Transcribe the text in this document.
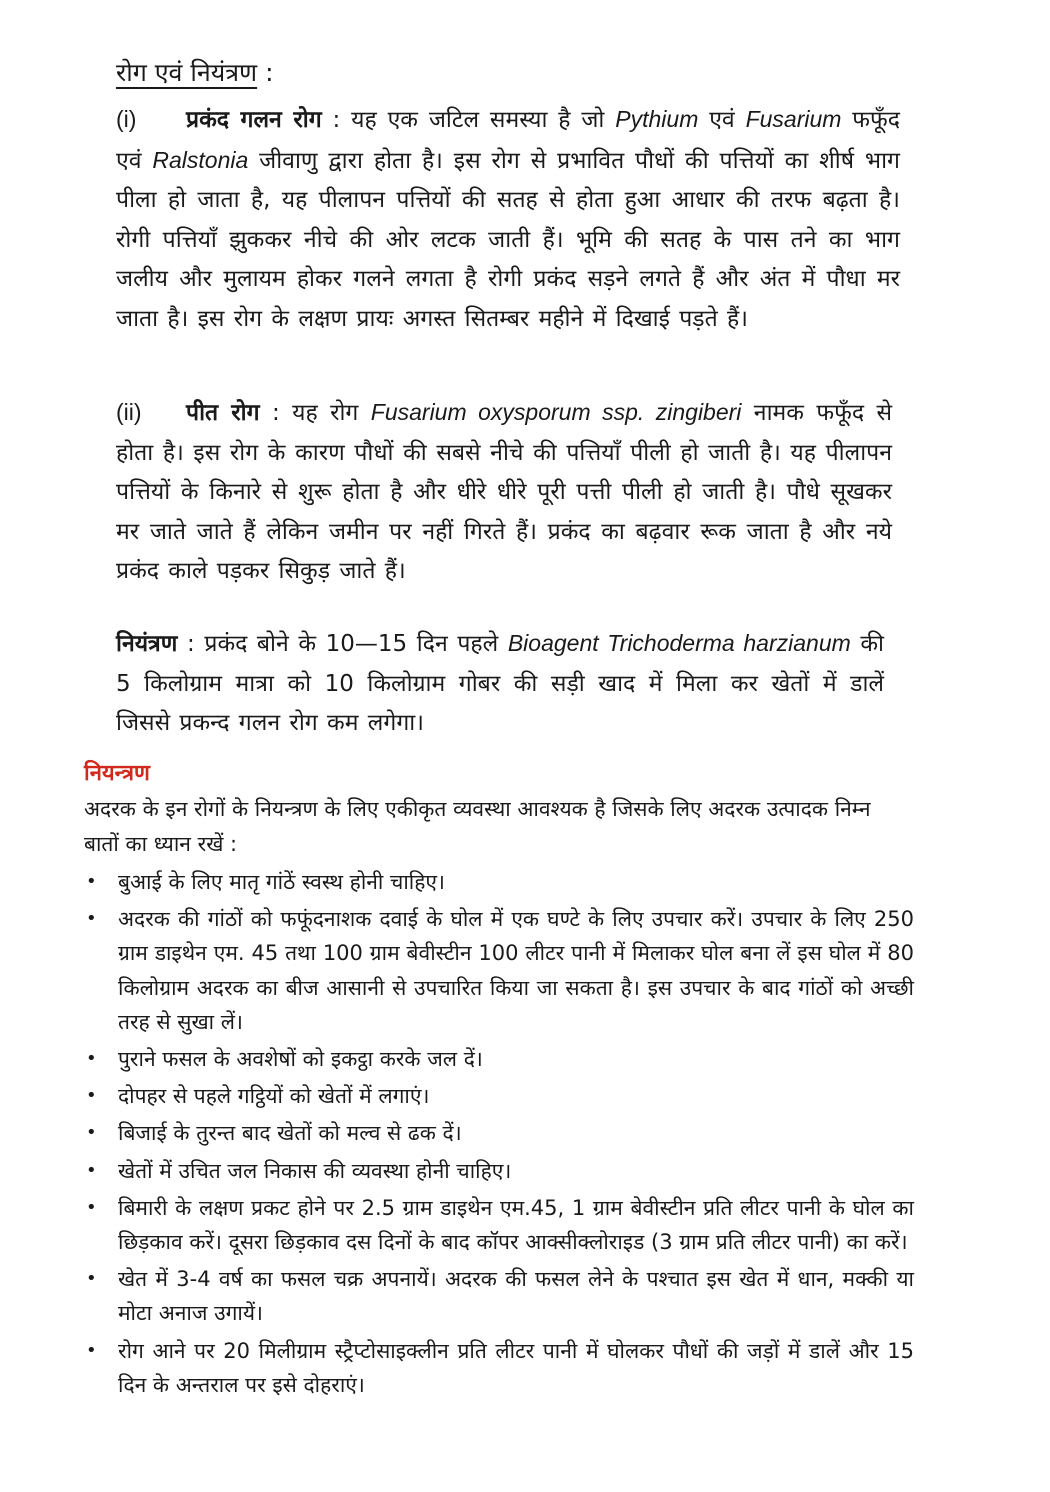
रोग एवं नियंत्रण :

(i) प्रकंद गलन रोग : यह एक जटिल समस्या है जो Pythium एवं Fusarium फफूँद एवं Ralstonia जीवाणु द्वारा होता है। इस रोग से प्रभावित पौधों की पत्तियों का शीर्ष भाग पीला हो जाता है, यह पीलापन पत्तियों की सतह से होता हुआ आधार की तरफ बढ़ता है। रोगी पत्तियाँ झुककर नीचे की ओर लटक जाती हैं। भूमि की सतह के पास तने का भाग जलीय और मुलायम होकर गलने लगता है रोगी प्रकंद सड़ने लगते हैं और अंत में पौधा मर जाता है। इस रोग के लक्षण प्रायः अगस्त सितम्बर महीने में दिखाई पड़ते हैं।

(ii) पीत रोग : यह रोग Fusarium oxysporum ssp. zingiberi नामक फफूँद से होता है। इस रोग के कारण पौधों की सबसे नीचे की पत्तियाँ पीली हो जाती है। यह पीलापन पत्तियों के किनारे से शुरू होता है और धीरे धीरे पूरी पत्ती पीली हो जाती है। पौधे सूखकर मर जाते जाते हैं लेकिन जमीन पर नहीं गिरते हैं। प्रकंद का बढ़वार रूक जाता है और नये प्रकंद काले पड़कर सिकुड़ जाते हैं।

नियंत्रण : प्रकंद बोने के 10—15 दिन पहले Bioagent Trichoderma harzianum की 5 किलोग्राम मात्रा को 10 किलोग्राम गोबर की सड़ी खाद में मिला कर खेतों में डालें जिससे प्रकन्द गलन रोग कम लगेगा।

नियन्त्रण

अदरक के इन रोगों के नियन्त्रण के लिए एकीकृत व्यवस्था आवश्यक है जिसके लिए अदरक उत्पादक निम्न बातों का ध्यान रखें :

• बुआई के लिए मातृ गांठें स्वस्थ होनी चाहिए।
• अदरक की गांठों को फफूंदनाशक दवाई के घोल में एक घण्टे के लिए उपचार करें। उपचार के लिए 250 ग्राम डाइथेन एम. 45 तथा 100 ग्राम बेवीस्टीन 100 लीटर पानी में मिलाकर घोल बना लें इस घोल में 80 किलोग्राम अदरक का बीज आसानी से उपचारित किया जा सकता है। इस उपचार के बाद गांठों को अच्छी तरह से सुखा लें।
• पुराने फसल के अवशेषों को इकट्ठा करके जल दें।
• दोपहर से पहले गट्ठियों को खेतों में लगाएं।
• बिजाई के तुरन्त बाद खेतों को मल्व से ढक दें।
• खेतों में उचित जल निकास की व्यवस्था होनी चाहिए।
• बिमारी के लक्षण प्रकट होने पर 2.5 ग्राम डाइथेन एम.45, 1 ग्राम बेवीस्टीन प्रति लीटर पानी के घोल का छिड़काव करें। दूसरा छिड़काव दस दिनों के बाद कॉपर आक्सीक्लोराइड (3 ग्राम प्रति लीटर पानी) का करें।
• खेत में 3-4 वर्ष का फसल चक्र अपनायें। अदरक की फसल लेने के पश्चात इस खेत में धान, मक्की या मोटा अनाज उगायें।
• रोग आने पर 20 मिलीग्राम स्ट्रैप्टोसाइक्लीन प्रति लीटर पानी में घोलकर पौधों की जड़ों में डालें और 15 दिन के अन्तराल पर इसे दोहराएं।
